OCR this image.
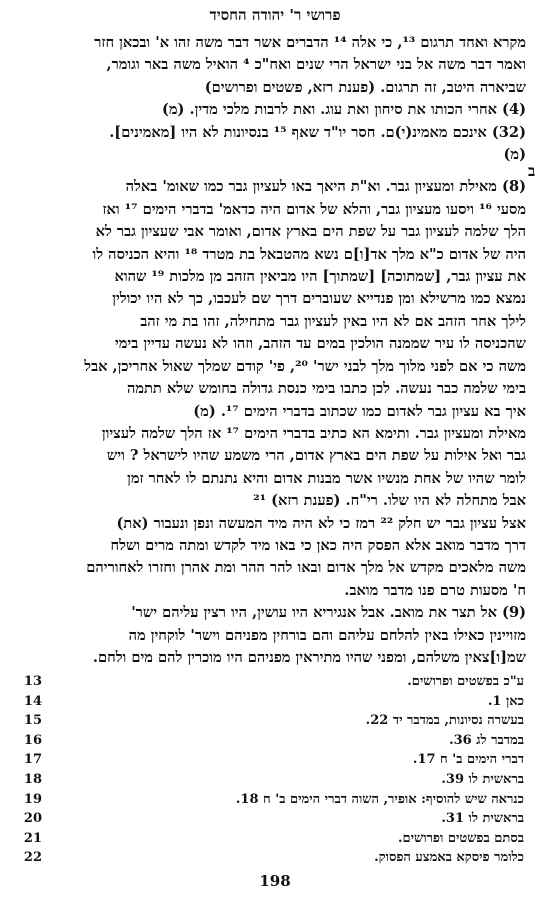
פרושי ר' יהודה החסיד
ב
מקרא ואחד תרגום ¹³, כי אלה ¹⁴ הדברים אשר דבר משה זהו א' ובכאן חזר
ואמר דבר משה אל בני ישראל הרי שנים ואח"כ ⁴ הואיל משה באר וגומר,
שביארה היטב, זה תרגום. (פענת רזא, פשטים ופרושים)
(4) אחרי הכותו את סיחון ואת עוג. ואת לרבות מלכי מדין. (מ)
(32) אינכם מאמינ(י)ם. חסר יו"ד שאף ¹⁵ בנסיונות לא היו [מאמינים].
(מ)
(8) מאילת ומעציון גבר. וא"ת היאך באו לעציון גבר כמו שאומ' באלה
מסעי ¹⁶ ויסעו מעציון גבר, והלא של אדום היה כדאמ' בדברי הימים ¹⁷ ואז
הלך שלמה לעציון גבר על שפת הים בארץ אדום, ואומר אבי שעציון גבר לא
היה של אדום כ"א מלך אד[ו]ם נשא מהטבאל בת מטרד ¹⁸ והיא הכניסה לו
את עציון גבר, [שמתוכה] [שמתוך] היו מביאין הזהב מן מלכות ¹⁹ שהוא
נמצא כמו מרשילא ומן פנדייא שעוברים דרך שם לעכבו, כך לא היו יכולין
לילך אחר הזהב אם לא היו באין לעציון גבר מתחילה, זהו בת מי זהב
שהכניסה לו עיר שממנה הולכין במים עד הזהב, וזהו לא נעשה עדיין בימי
משה כי אם לפני מלוך מלך לבני ישר' ²⁰, פי' קודם שמלך שאול אחריכן, אבל
בימי שלמה כבר נעשה. לכן כתבו בימי כנסת גדולה בחומש שלא תתמה
איך בא עציון גבר לאדום כמו שכתוב בדברי הימים ¹⁷. (מ)
מאילת ומעציון גבר. ותימא הא כתיב בדברי הימים ¹⁷ אז הלך שלמה לעציון
גבר ואל אילות על שפת הים בארץ אדום, הרי משמע שהיו לישראל ? ויש
לומר שהיו של אחת מנשיו אשר מבנות אדום והיא נתנתם לו לאחר זמן
אבל מתחלה לא היו שלו. רי"ח. (פענת רזא) ²¹
אצל עציון גבר יש חלק ²² רמז כי לא היה מיד המעשה ונפן ונעבור (את)
דרך מדבר מואב אלא הפסק היה כאן כי באו מיד לקדש ומתה מרים ושלח
משה מלאכים מקדש אל מלך אדום ובאו להר ההר ומת אהרן וחזרו לאחוריהם
ח' מסעות טרם פנו מדבר מואב.
(9) אל תצר את מואב. אבל אנגיריא היו עושין, היו רצין עליהם ישר'
מזויינין כאילו באין להלחם עליהם והם בורחין מפניהם וישר' לוקחין מה
שמ[ו]צאין משלהם, ומפני שהיו מתיראין מפניהם היו מוכרין להם מים ולחם.
ע"כ בפשטים ופרושים.
13
כאן 1.
14
בעשרה נסיונות, במדבר יד 22.
15
במדבר לג 36.
16
דברי הימים ב' ח 17.
17
בראשית לו 39.
18
כנראה שיש להוסיף: אופיר, השוה דברי הימים ב' ח 18.
19
בראשית לו 31.
20
בסתם בפשטים ופרושים.
21
כלומר פיסקא באמצע הפסוק.
22
198
